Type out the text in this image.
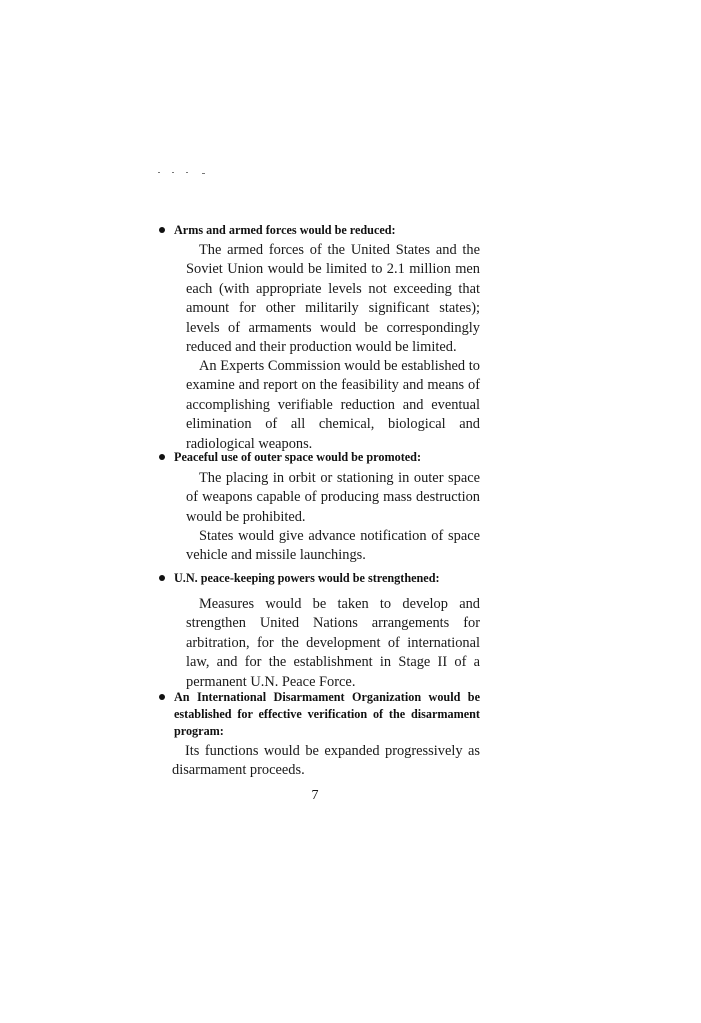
Arms and armed forces would be reduced:

The armed forces of the United States and the Soviet Union would be limited to 2.1 million men each (with appropriate levels not exceeding that amount for other militarily significant states); levels of armaments would be correspondingly reduced and their production would be limited.

An Experts Commission would be established to examine and report on the feasibility and means of accomplishing verifiable reduction and eventual elimination of all chemical, biological and radiological weapons.

Peaceful use of outer space would be promoted:

The placing in orbit or stationing in outer space of weapons capable of producing mass destruction would be prohibited.

States would give advance notification of space vehicle and missile launchings.

U.N. peace-keeping powers would be strengthened:

Measures would be taken to develop and strengthen United Nations arrangements for arbitration, for the development of international law, and for the establishment in Stage II of a permanent U.N. Peace Force.

An International Disarmament Organization would be established for effective verification of the disarmament program:

Its functions would be expanded progressively as disarmament proceeds.

7
